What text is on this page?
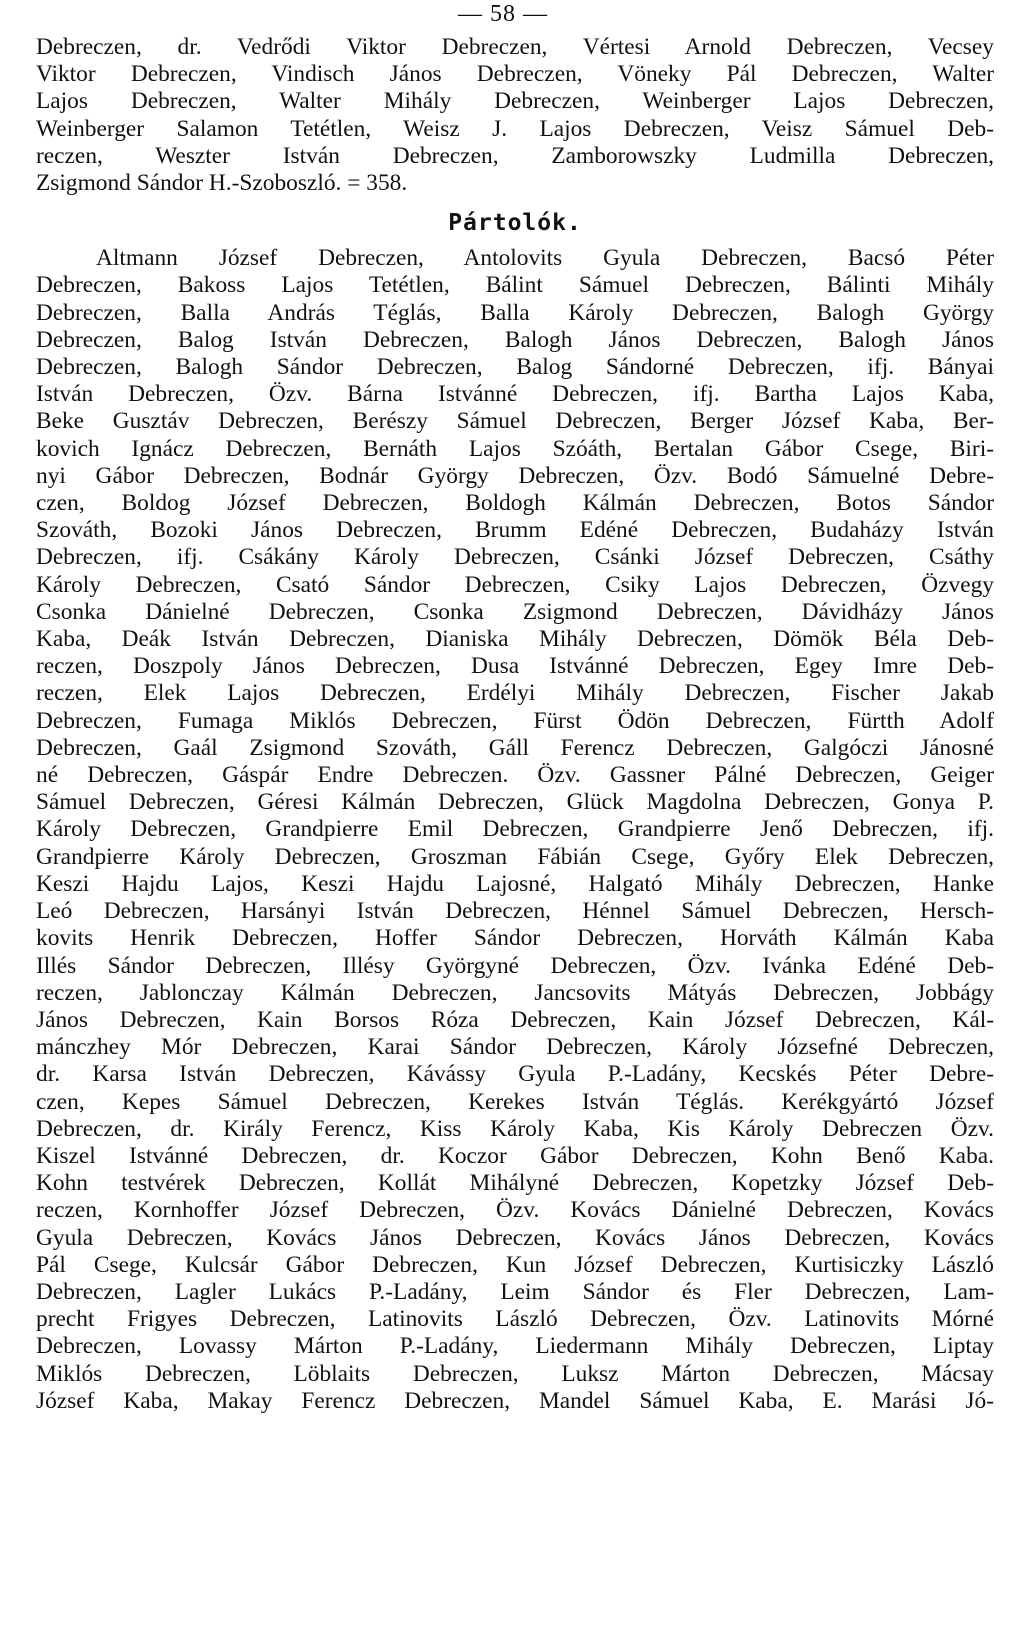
— 58 —

Debreczen, dr. Vedrődi Viktor Debreczen, Vértesi Arnold Debreczen, Vecsey

Viktor Debreczen, Vindisch János Debreczen, Vöneky Pál Debreczen, Walter

Lajos Debreczen, Walter Mihály Debreczen, Weinberger Lajos Debreczen,

Weinberger Salamon Tetétlen, Weisz J. Lajos Debreczen, Veisz Sámuel Deb-

reczen, Weszter István Debreczen, Zamborowszky Ludmilla Debreczen,

Zsigmond Sándor H.-Szoboszló. = 358.

Pártolók.

Altmann József Debreczen, Antolovits Gyula Debreczen, Bacsó Péter

Debreczen, Bakoss Lajos Tetétlen, Bálint Sámuel Debreczen, Bálinti Mihály

Debreczen, Balla András Téglás, Balla Károly Debreczen, Balogh György

Debreczen, Balog István Debreczen, Balogh János Debreczen, Balogh János

Debreczen, Balogh Sándor Debreczen, Balog Sándorné Debreczen, ifj. Bányai

István Debreczen, Özv. Bárna Istvánné Debreczen, ifj. Bartha Lajos Kaba,

Beke Gusztáv Debreczen, Berészy Sámuel Debreczen, Berger József Kaba, Ber-

kovich Ignácz Debreczen, Bernáth Lajos Szóáth, Bertalan Gábor Csege, Biri-

nyi Gábor Debreczen, Bodnár György Debreczen, Özv. Bodó Sámuelné Debre-

czen, Boldog József Debreczen, Boldogh Kálmán Debreczen, Botos Sándor

Szováth, Bozoki János Debreczen, Brumm Edéné Debreczen, Budaházy István

Debreczen, ifj. Csákány Károly Debreczen, Csánki József Debreczen, Csáthy

Károly Debreczen, Csató Sándor Debreczen, Csiky Lajos Debreczen, Özvegy

Csonka Dánielné Debreczen, Csonka Zsigmond Debreczen, Dávidházy János

Kaba, Deák István Debreczen, Dianiska Mihály Debreczen, Dömök Béla Deb-

reczen, Doszpoly János Debreczen, Dusa Istvánné Debreczen, Egey Imre Deb-

reczen, Elek Lajos Debreczen, Erdélyi Mihály Debreczen, Fischer Jakab

Debreczen, Fumaga Miklós Debreczen, Fürst Ödön Debreczen, Fürtth Adolf

Debreczen, Gaál Zsigmond Szováth, Gáll Ferencz Debreczen, Galgóczi Jánosné

né Debreczen, Gáspár Endre Debreczen. Özv. Gassner Pálné Debreczen, Geiger

Sámuel Debreczen, Géresi Kálmán Debreczen, Glück Magdolna Debreczen, Gonya P.

Károly Debreczen, Grandpierre Emil Debreczen, Grandpierre Jenő Debreczen, ifj.

Grandpierre Károly Debreczen, Groszman Fábián Csege, Győry Elek Debreczen,

Keszi Hajdu Lajos, Keszi Hajdu Lajosné, Halgató Mihály Debreczen, Hanke

Leó Debreczen, Harsányi István Debreczen, Hénnel Sámuel Debreczen, Hersch-

kovits Henrik Debreczen, Hoffer Sándor Debreczen, Horváth Kálmán Kaba

Illés Sándor Debreczen, Illésy Györgyné Debreczen, Özv. Ivánka Edéné Deb-

reczen, Jablonczay Kálmán Debreczen, Jancsovits Mátyás Debreczen, Jobbágy

János Debreczen, Kain Borsos Róza Debreczen, Kain József Debreczen, Kál-

mánczhey Mór Debreczen, Karai Sándor Debreczen, Károly Józsefné Debreczen,

dr. Karsa István Debreczen, Kávássy Gyula P.-Ladány, Kecskés Péter Debre-

czen, Kepes Sámuel Debreczen, Kerekes István Téglás. Kerékgyártó József

Debreczen, dr. Király Ferencz, Kiss Károly Kaba, Kis Károly Debreczen Özv.

Kiszel Istvánné Debreczen, dr. Koczor Gábor Debreczen, Kohn Benő Kaba.

Kohn testvérek Debreczen, Kollát Mihályné Debreczen, Kopetzky József Deb-

reczen, Kornhoffer József Debreczen, Özv. Kovács Dánielné Debreczen, Kovács

Gyula Debreczen, Kovács János Debreczen, Kovács János Debreczen, Kovács

Pál Csege, Kulcsár Gábor Debreczen, Kun József Debreczen, Kurtisiczky László

Debreczen, Lagler Lukács P.-Ladány, Leim Sándor és Fler Debreczen, Lam-

precht Frigyes Debreczen, Latinovits László Debreczen, Özv. Latinovits Mórné

Debreczen, Lovassy Márton P.-Ladány, Liedermann Mihály Debreczen, Liptay

Miklós Debreczen, Löblaits Debreczen, Luksz Márton Debreczen, Mácsay

József Kaba, Makay Ferencz Debreczen, Mandel Sámuel Kaba, E. Marási Jó-
